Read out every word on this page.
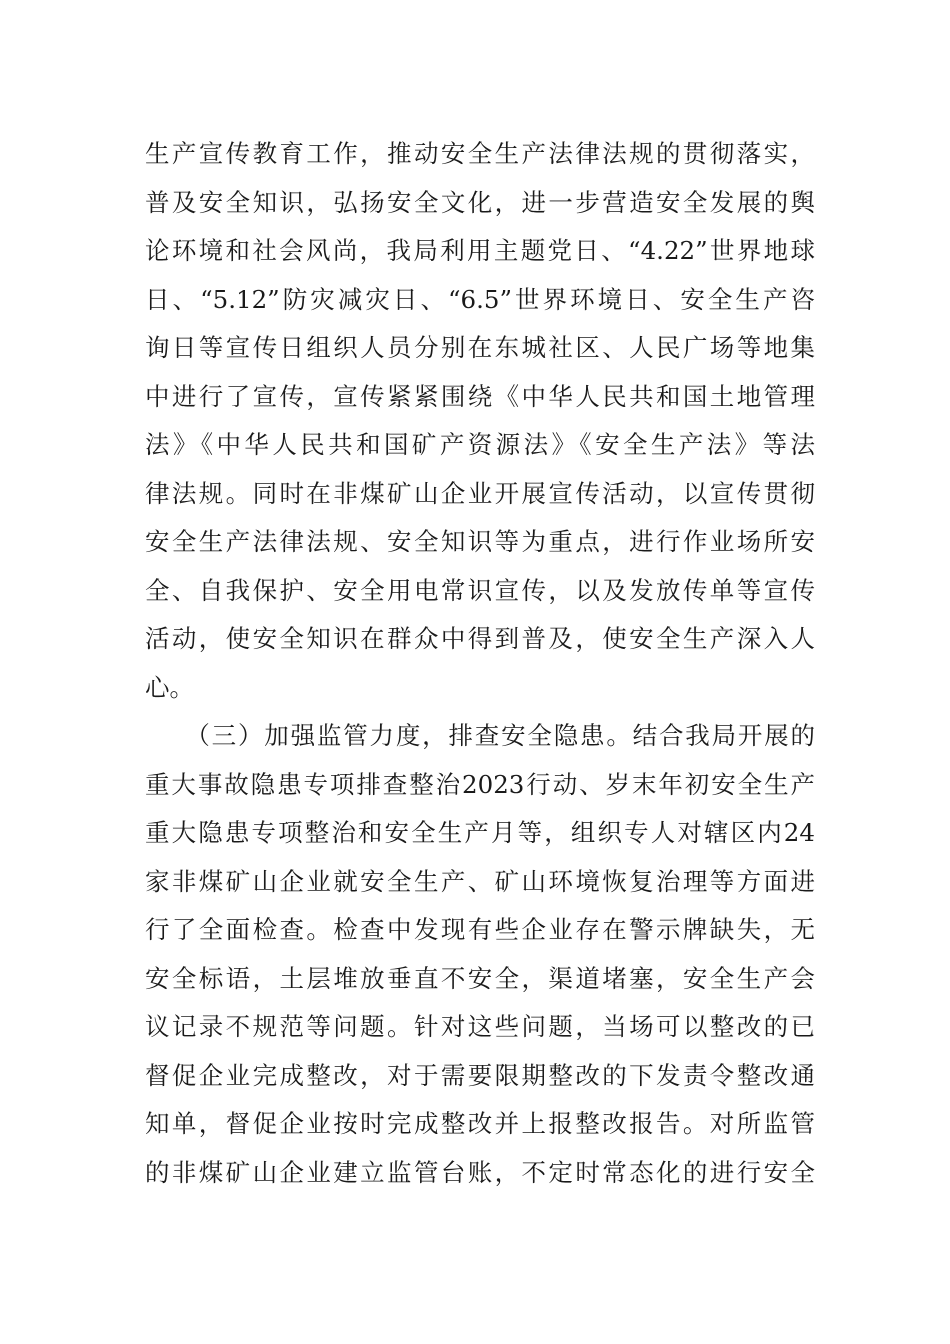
生产宣传教育工作，推动安全生产法律法规的贯彻落实，
普及安全知识，弘扬安全文化，进一步营造安全发展的舆
论环境和社会风尚，我局利用主题党日、“4.22”世界地球
日、“5.12”防灾减灾日、“6.5”世界环境日、安全生产咨
询日等宣传日组织人员分别在东城社区、人民广场等地集
中进行了宣传，宣传紧紧围绕《中华人民共和国土地管理
法》《中华人民共和国矿产资源法》《安全生产法》等法
律法规。同时在非煤矿山企业开展宣传活动，以宣传贯彻
安全生产法律法规、安全知识等为重点，进行作业场所安
全、自我保护、安全用电常识宣传，以及发放传单等宣传
活动，使安全知识在群众中得到普及，使安全生产深入人
心。
　　（三）加强监管力度，排查安全隐患。结合我局开展的
重大事故隐患专项排查整治2023行动、岁末年初安全生产
重大隐患专项整治和安全生产月等，组织专人对辖区内24
家非煤矿山企业就安全生产、矿山环境恢复治理等方面进
行了全面检查。检查中发现有些企业存在警示牌缺失，无
安全标语，土层堆放垂直不安全，渠道堵塞，安全生产会
议记录不规范等问题。针对这些问题，当场可以整改的已
督促企业完成整改，对于需要限期整改的下发责令整改通
知单，督促企业按时完成整改并上报整改报告。对所监管
的非煤矿山企业建立监管台账，不定时常态化的进行安全
